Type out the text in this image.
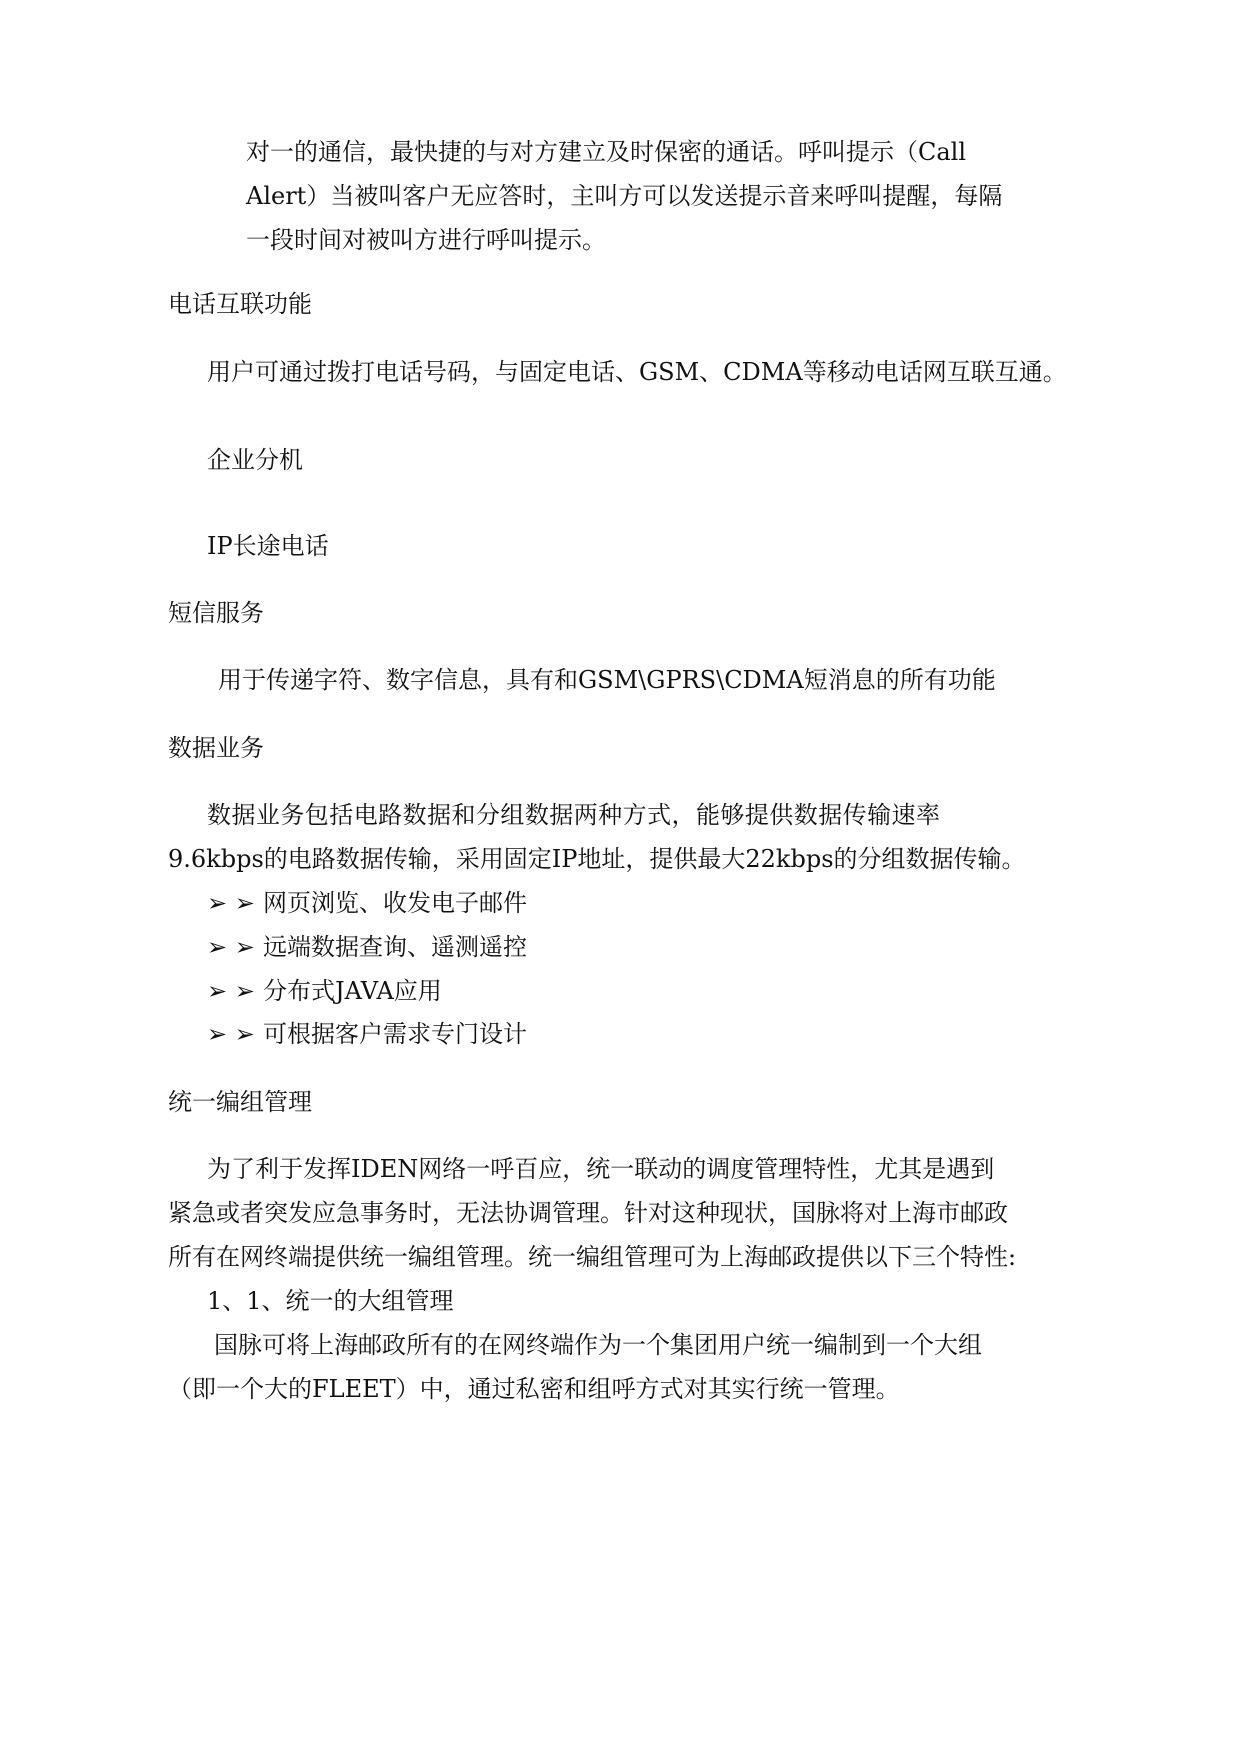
对一的通信，最快捷的与对方建立及时保密的通话。呼叫提示（Call
Alert）当被叫客户无应答时，主叫方可以发送提示音来呼叫提醒，每隔
一段时间对被叫方进行呼叫提示。
电话互联功能
用户可通过拨打电话号码，与固定电话、GSM、CDMA等移动电话网互联互通。
企业分机
IP长途电话
短信服务
用于传递字符、数字信息，具有和GSM\GPRS\CDMA短消息的所有功能
数据业务
数据业务包括电路数据和分组数据两种方式，能够提供数据传输速率
9.6kbps的电路数据传输，采用固定IP地址，提供最大22kbps的分组数据传输。
➢ ➢ 网页浏览、收发电子邮件
➢ ➢ 远端数据查询、遥测遥控
➢ ➢ 分布式JAVA应用
➢ ➢ 可根据客户需求专门设计
统一编组管理
为了利于发挥IDEN网络一呼百应，统一联动的调度管理特性，尤其是遇到
紧急或者突发应急事务时，无法协调管理。针对这种现状，国脉将对上海市邮政
所有在网终端提供统一编组管理。统一编组管理可为上海邮政提供以下三个特性:
1、1、统一的大组管理
国脉可将上海邮政所有的在网终端作为一个集团用户统一编制到一个大组
（即一个大的FLEET）中，通过私密和组呼方式对其实行统一管理。
